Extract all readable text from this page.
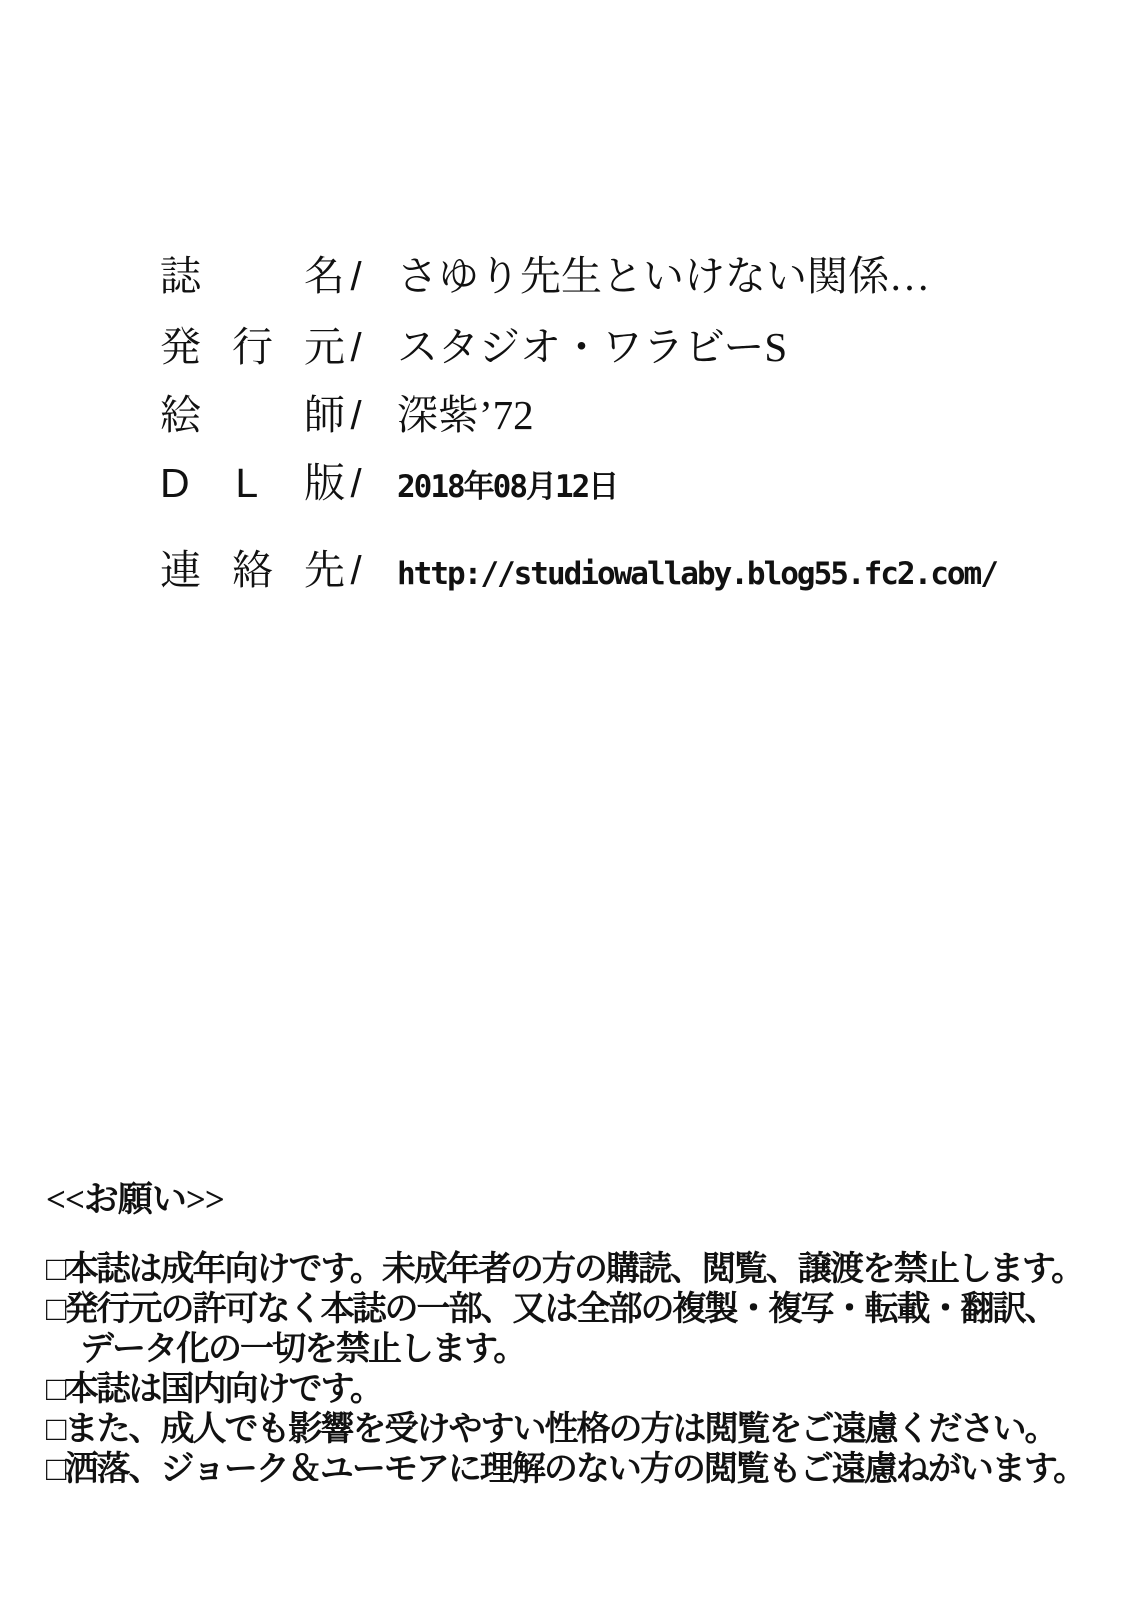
誌	名 / さゆり先生といけない関係…
発 行 元 / スタジオ・ワラビーS
絵	師 / 深紫’72
D L 版 / 2018年08月12日
連 絡 先 / http://studiowallaby.blog55.fc2.com/
<<お願い>>
□本誌は成年向けです。未成年者の方の購読、閲覧、譲渡を禁止します。
□発行元の許可なく本誌の一部、又は全部の複製・複写・転載・翻訳、
データ化の一切を禁止します。
□本誌は国内向けです。
□また、成人でも影響を受けやすい性格の方は閲覧をご遠慮ください。
□洒落、ジョーク＆ユーモアに理解のない方の閲覧もご遠慮ねがいます。
